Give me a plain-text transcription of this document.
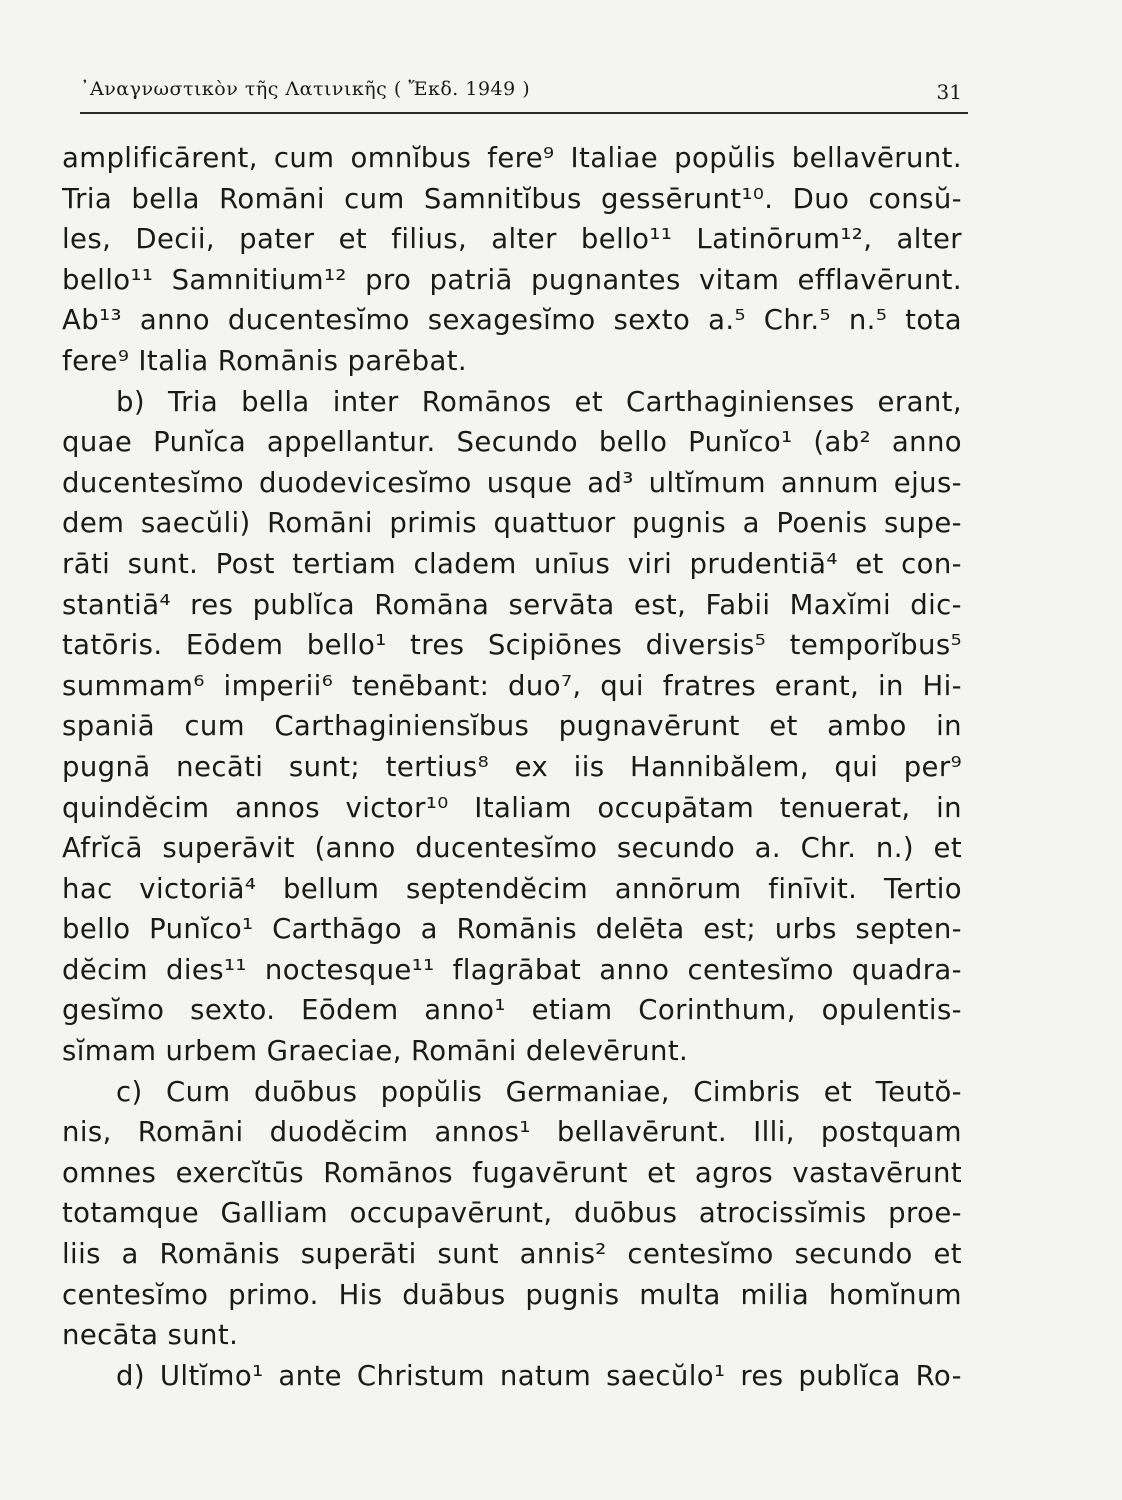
᾿Αναγνωστικὸν τῆς Λατινικῆς ( Ἔκδ. 1949 )	31
amplificārent, cum omnĭbus fere⁹ Italiae popŭlis bellavērunt.
Tria bella Romāni cum Samnitĭbus gessērunt¹⁰. Duo consŭ-
les, Decii, pater et filius, alter bello¹¹ Latinōrum¹², alter
bello¹¹ Samnitium¹² pro patriā pugnantes vitam efflavērunt.
Ab¹³ anno ducentesĭmo sexagesĭmo sexto a.⁵ Chr.⁵ n.⁵ tota
fere⁹ Italia Romānis parēbat.
b) Tria bella inter Romānos et Carthaginienses erant,
quae Punĭca appellantur. Secundo bello Punĭco¹ (ab² anno
ducentesĭmo duodevicesĭmo usque ad³ ultĭmum annum ejus-
dem saecŭli) Romāni primis quattuor pugnis a Poenis supe-
rāti sunt. Post tertiam cladem unīus viri prudentiā⁴ et con-
stantiā⁴ res publĭca Romāna servāta est, Fabii Maxĭmi dic-
tatōris. Eōdem bello¹ tres Scipiōnes diversis⁵ temporĭbus⁵
summam⁶ imperii⁶ tenēbant: duo⁷, qui fratres erant, in Hi-
spaniā cum Carthaginiensĭbus pugnavērunt et ambo in
pugnā necāti sunt; tertius⁸ ex iis Hannibălem, qui per⁹
quindĕcim annos victor¹⁰ Italiam occupātam tenuerat, in
Afrĭcā superāvit (anno ducentesĭmo secundo a. Chr. n.) et
hac victoriā⁴ bellum septendĕcim annōrum finīvit. Tertio
bello Punĭco¹ Carthāgo a Romānis delēta est; urbs septen-
dĕcim dies¹¹ noctesque¹¹ flagrābat anno centesĭmo quadra-
gesĭmo sexto. Eōdem anno¹ etiam Corinthum, opulentis-
sĭmam urbem Graeciae, Romāni delevērunt.
c) Cum duōbus popŭlis Germaniae, Cimbris et Teutŏ-
nis, Romāni duodĕcim annos¹ bellavērunt. Illi, postquam
omnes exercĭtūs Romānos fugavērunt et agros vastavērunt
totamque Galliam occupavērunt, duōbus atrocissĭmis proe-
liis a Romānis superāti sunt annis² centesĭmo secundo et
centesĭmo primo. His duābus pugnis multa milia homĭnum
necāta sunt.
d) Ultĭmo¹ ante Christum natum saecŭlo¹ res publĭca Ro-
